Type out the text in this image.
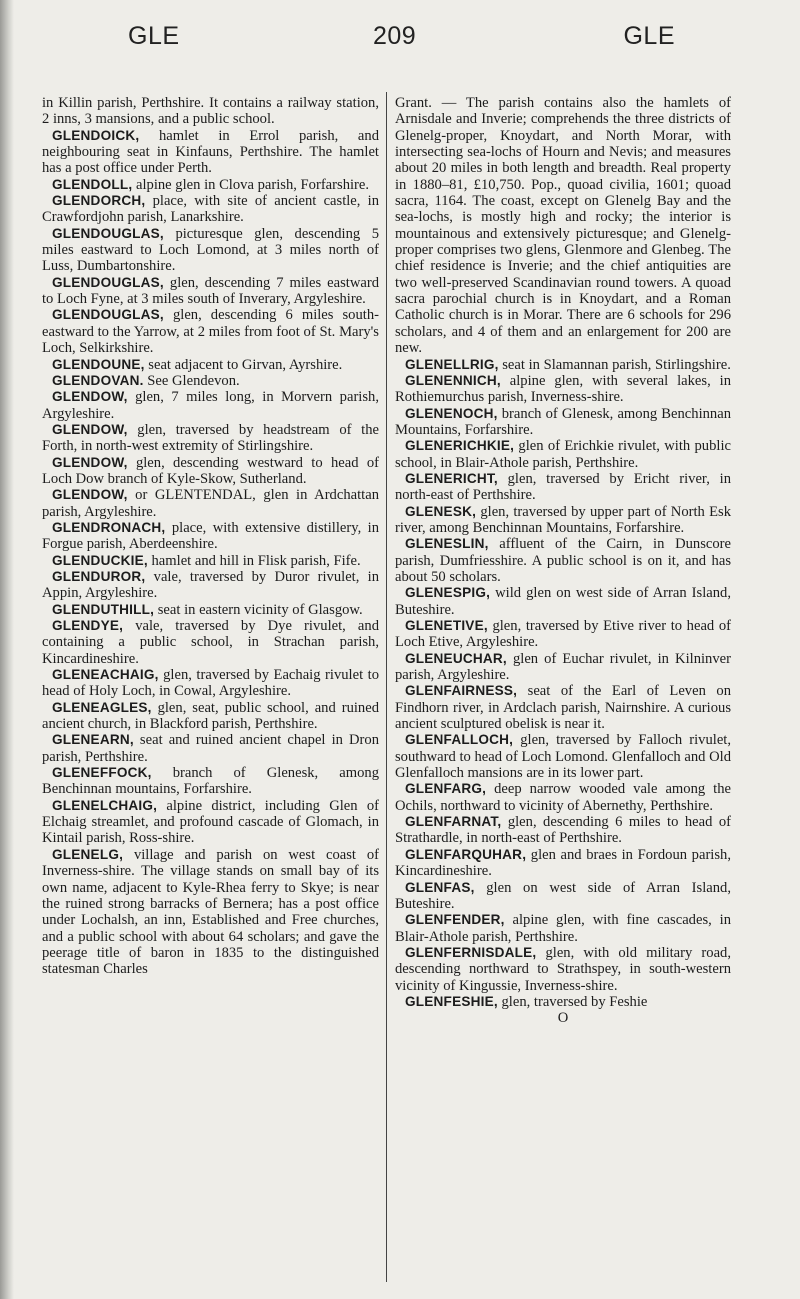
GLE	209	GLE

in Killin parish, Perthshire. It contains a railway station, 2 inns, 3 mansions, and a public school.

GLENDOICK, hamlet in Errol parish, and neighbouring seat in Kinfauns, Perthshire. The hamlet has a post office under Perth.

GLENDOLL, alpine glen in Clova parish, Forfarshire.

GLENDORCH, place, with site of ancient castle, in Crawfordjohn parish, Lanarkshire.

GLENDOUGLAS, picturesque glen, descending 5 miles eastward to Loch Lomond, at 3 miles north of Luss, Dumbartonshire.

GLENDOUGLAS, glen, descending 7 miles eastward to Loch Fyne, at 3 miles south of Inverary, Argyleshire.

GLENDOUGLAS, glen, descending 6 miles south-eastward to the Yarrow, at 2 miles from foot of St. Mary's Loch, Selkirkshire.

GLENDOUNE, seat adjacent to Girvan, Ayrshire.

GLENDOVAN. See Glendevon.

GLENDOW, glen, 7 miles long, in Morvern parish, Argyleshire.

GLENDOW, glen, traversed by headstream of the Forth, in north-west extremity of Stirlingshire.

GLENDOW, glen, descending westward to head of Loch Dow branch of Kyle-Skow, Sutherland.

GLENDOW, or GLENTENDAL, glen in Ardchattan parish, Argyleshire.

GLENDRONACH, place, with extensive distillery, in Forgue parish, Aberdeenshire.

GLENDUCKIE, hamlet and hill in Flisk parish, Fife.

GLENDUROR, vale, traversed by Duror rivulet, in Appin, Argyleshire.

GLENDUTHILL, seat in eastern vicinity of Glasgow.

GLENDYE, vale, traversed by Dye rivulet, and containing a public school, in Strachan parish, Kincardineshire.

GLENEACHAIG, glen, traversed by Eachaig rivulet to head of Holy Loch, in Cowal, Argyleshire.

GLENEAGLES, glen, seat, public school, and ruined ancient church, in Blackford parish, Perthshire.

GLENEARN, seat and ruined ancient chapel in Dron parish, Perthshire.

GLENEFFOCK, branch of Glenesk, among Benchinnan mountains, Forfarshire.

GLENELCHAIG, alpine district, including Glen of Elchaig streamlet, and profound cascade of Glomach, in Kintail parish, Ross-shire.

GLENELG, village and parish on west coast of Inverness-shire. The village stands on small bay of its own name, adjacent to Kyle-Rhea ferry to Skye; is near the ruined strong barracks of Bernera; has a post office under Lochalsh, an inn, Established and Free churches, and a public school with about 64 scholars; and gave the peerage title of baron in 1835 to the distinguished statesman Charles

Grant. — The parish contains also the hamlets of Arnisdale and Inverie; comprehends the three districts of Glenelg-proper, Knoydart, and North Morar, with intersecting sea-lochs of Hourn and Nevis; and measures about 20 miles in both length and breadth. Real property in 1880–81, £10,750. Pop., quoad civilia, 1601; quoad sacra, 1164. The coast, except on Glenelg Bay and the sea-lochs, is mostly high and rocky; the interior is mountainous and extensively picturesque; and Glenelg-proper comprises two glens, Glenmore and Glenbeg. The chief residence is Inverie; and the chief antiquities are two well-preserved Scandinavian round towers. A quoad sacra parochial church is in Knoydart, and a Roman Catholic church is in Morar. There are 6 schools for 296 scholars, and 4 of them and an enlargement for 200 are new.

GLENELLRIG, seat in Slamannan parish, Stirlingshire.

GLENENNICH, alpine glen, with several lakes, in Rothiemurchus parish, Inverness-shire.

GLENENOCH, branch of Glenesk, among Benchinnan Mountains, Forfarshire.

GLENERICHKIE, glen of Erichkie rivulet, with public school, in Blair-Athole parish, Perthshire.

GLENERICHT, glen, traversed by Ericht river, in north-east of Perthshire.

GLENESK, glen, traversed by upper part of North Esk river, among Benchinnan Mountains, Forfarshire.

GLENESLIN, affluent of the Cairn, in Dunscore parish, Dumfriesshire. A public school is on it, and has about 50 scholars.

GLENESPIG, wild glen on west side of Arran Island, Buteshire.

GLENETIVE, glen, traversed by Etive river to head of Loch Etive, Argyleshire.

GLENEUCHAR, glen of Euchar rivulet, in Kilninver parish, Argyleshire.

GLENFAIRNESS, seat of the Earl of Leven on Findhorn river, in Ardclach parish, Nairnshire. A curious ancient sculptured obelisk is near it.

GLENFALLOCH, glen, traversed by Falloch rivulet, southward to head of Loch Lomond. Glenfalloch and Old Glenfalloch mansions are in its lower part.

GLENFARG, deep narrow wooded vale among the Ochils, northward to vicinity of Abernethy, Perthshire.

GLENFARNAT, glen, descending 6 miles to head of Strathardle, in north-east of Perthshire.

GLENFARQUHAR, glen and braes in Fordoun parish, Kincardineshire.

GLENFAS, glen on west side of Arran Island, Buteshire.

GLENFENDER, alpine glen, with fine cascades, in Blair-Athole parish, Perthshire.

GLENFERNISDALE, glen, with old military road, descending northward to Strathspey, in south-western vicinity of Kingussie, Inverness-shire.

GLENFESHIE, glen, traversed by Feshie

O
